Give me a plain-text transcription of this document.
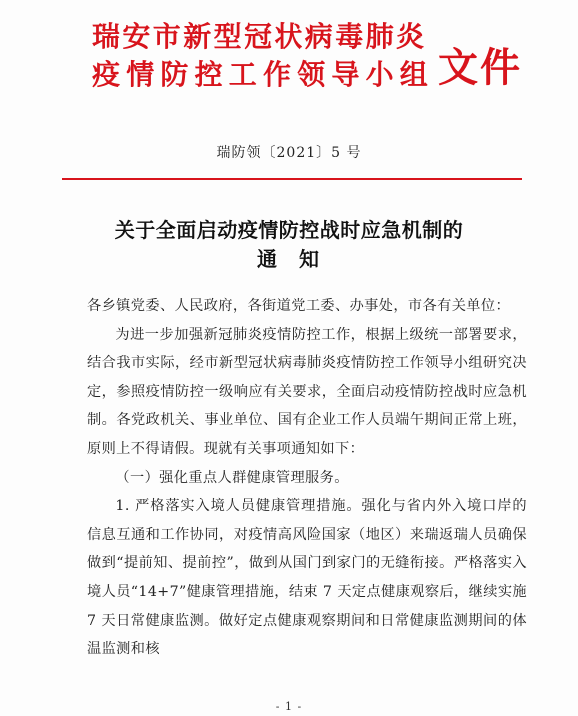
瑞安市新型冠状病毒肺炎
疫情防控工作领导小组 文件
瑞防领〔2021〕5 号
关于全面启动疫情防控战时应急机制的
通知

各乡镇党委、人民政府，各街道党工委、办事处，市各有关单位：

为进一步加强新冠肺炎疫情防控工作，根据上级统一部署要求，结合我市实际，经市新型冠状病毒肺炎疫情防控工作领导小组研究决定，参照疫情防控一级响应有关要求，全面启动疫情防控战时应急机制。各党政机关、事业单位、国有企业工作人员端午期间正常上班，原则上不得请假。现就有关事项通知如下：

（一）强化重点人群健康管理服务。

1. 严格落实入境人员健康管理措施。强化与省内外入境口岸的信息互通和工作协同，对疫情高风险国家（地区）来瑞返瑞人员确保做到“提前知、提前控”，做到从国门到家门的无缝衔接。严格落实入境人员“14+7”健康管理措施，结束 7 天定点健康观察后，继续实施 7 天日常健康监测。做好定点健康观察期间和日常健康监测期间的体温监测和核

- 1 -
